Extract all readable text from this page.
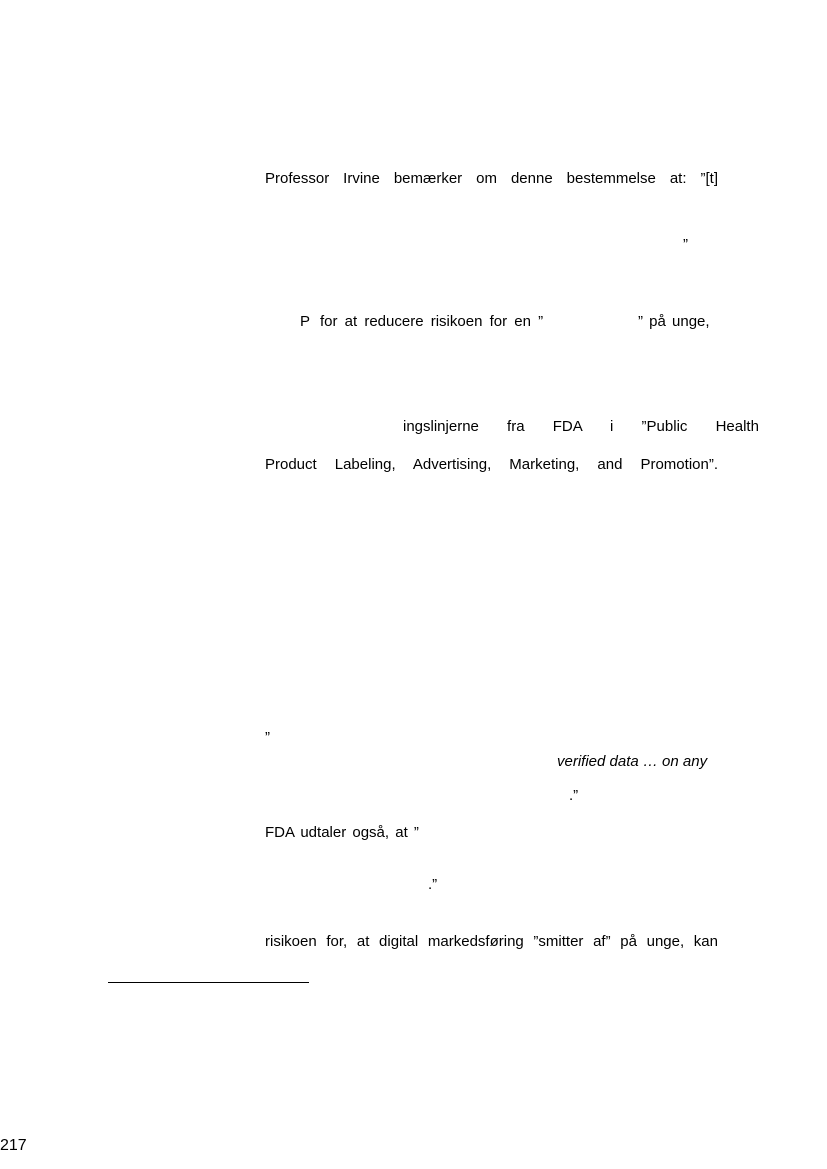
Professor Irvine bemærker om denne bestemmelse at: ”[t]
”
P for at reducere risikoen for en ”	” på unge,
ingslinjerne fra FDA i ”Public Health
Product Labeling, Advertising, Marketing, and Promotion”.
”
verified data … on any
.”
FDA udtaler også, at ”
.”
risikoen for, at digital markedsføring ”smitter af” på unge, kan
217
